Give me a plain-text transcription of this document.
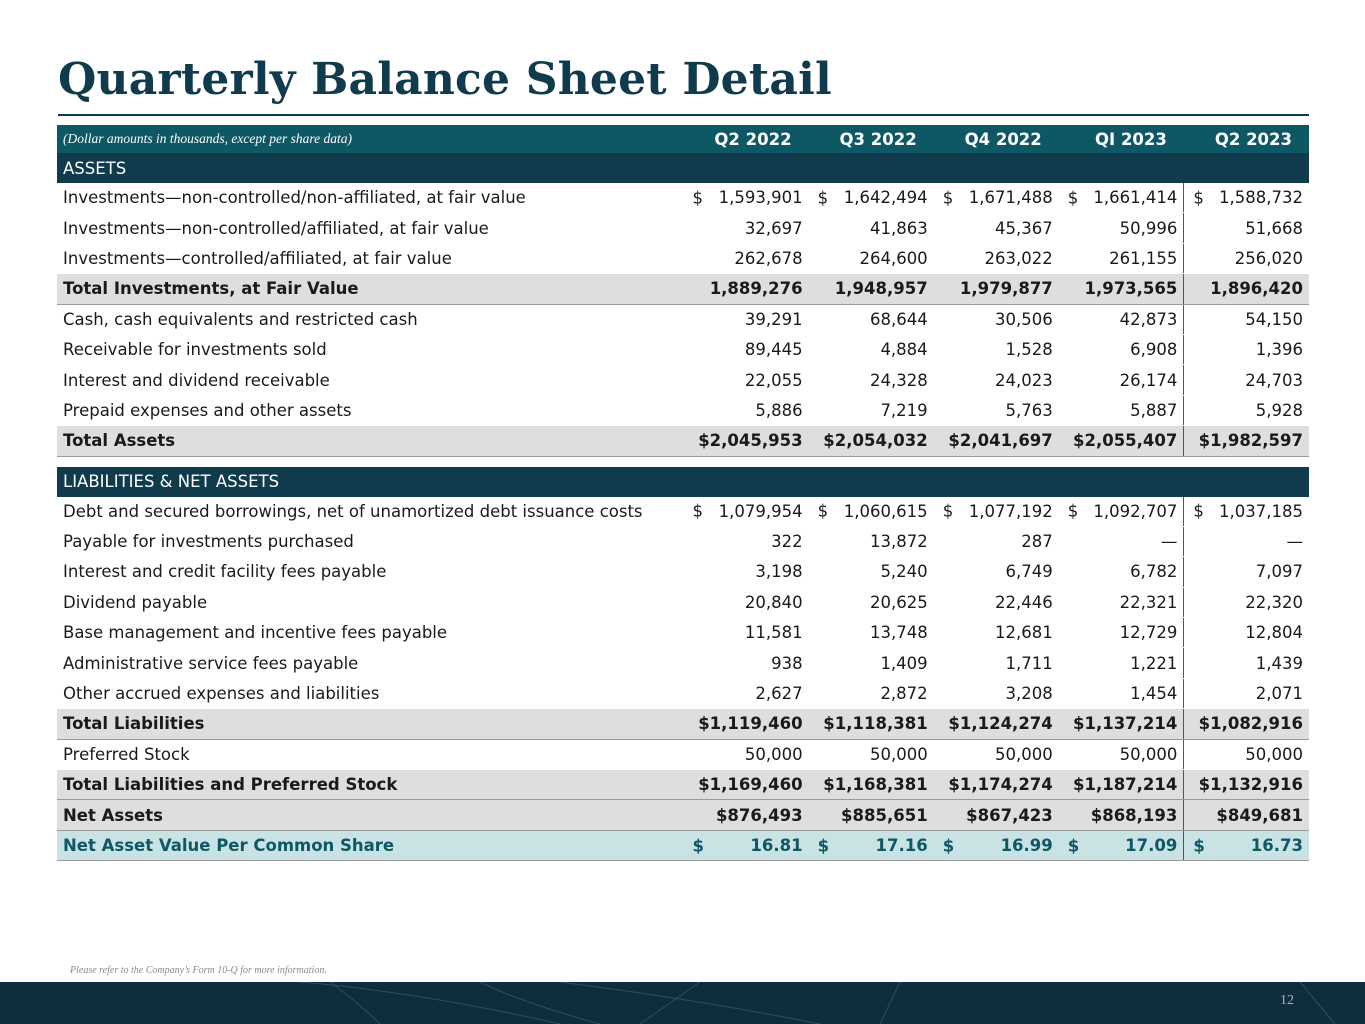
Quarterly Balance Sheet Detail
(Dollar amounts in thousands, except per share data)	Q2 2022	Q3 2022	Q4 2022	QI 2023	Q2 2023
ASSETS					
Investments—non-controlled/non-affiliated, at fair value	$ 1,593,901	$ 1,642,494	$ 1,671,488	$ 1,661,414	$ 1,588,732
Investments—non-controlled/affiliated, at fair value	32,697	41,863	45,367	50,996	51,668
Investments—controlled/affiliated, at fair value	262,678	264,600	263,022	261,155	256,020
Total Investments, at Fair Value	1,889,276	1,948,957	1,979,877	1,973,565	1,896,420
Cash, cash equivalents and restricted cash	39,291	68,644	30,506	42,873	54,150
Receivable for investments sold	89,445	4,884	1,528	6,908	1,396
Interest and dividend receivable	22,055	24,328	24,023	26,174	24,703
Prepaid expenses and other assets	5,886	7,219	5,763	5,887	5,928
Total Assets	$2,045,953	$2,054,032	$2,041,697	$2,055,407	$1,982,597

LIABILITIES & NET ASSETS					
Debt and secured borrowings, net of unamortized debt issuance costs	$ 1,079,954	$ 1,060,615	$ 1,077,192	$ 1,092,707	$ 1,037,185
Payable for investments purchased	322	13,872	287	—	—
Interest and credit facility fees payable	3,198	5,240	6,749	6,782	7,097
Dividend payable	20,840	20,625	22,446	22,321	22,320
Base management and incentive fees payable	11,581	13,748	12,681	12,729	12,804
Administrative service fees payable	938	1,409	1,711	1,221	1,439
Other accrued expenses and liabilities	2,627	2,872	3,208	1,454	2,071
Total Liabilities	$1,119,460	$1,118,381	$1,124,274	$1,137,214	$1,082,916
Preferred Stock	50,000	50,000	50,000	50,000	50,000
Total Liabilities and Preferred Stock	$1,169,460	$1,168,381	$1,174,274	$1,187,214	$1,132,916
Net Assets	$876,493	$885,651	$867,423	$868,193	$849,681
Net Asset Value Per Common Share	$ 16.81	$ 17.16	$ 16.99	$ 17.09	$ 16.73
Please refer to the Company’s Form 10-Q for more information.
12
